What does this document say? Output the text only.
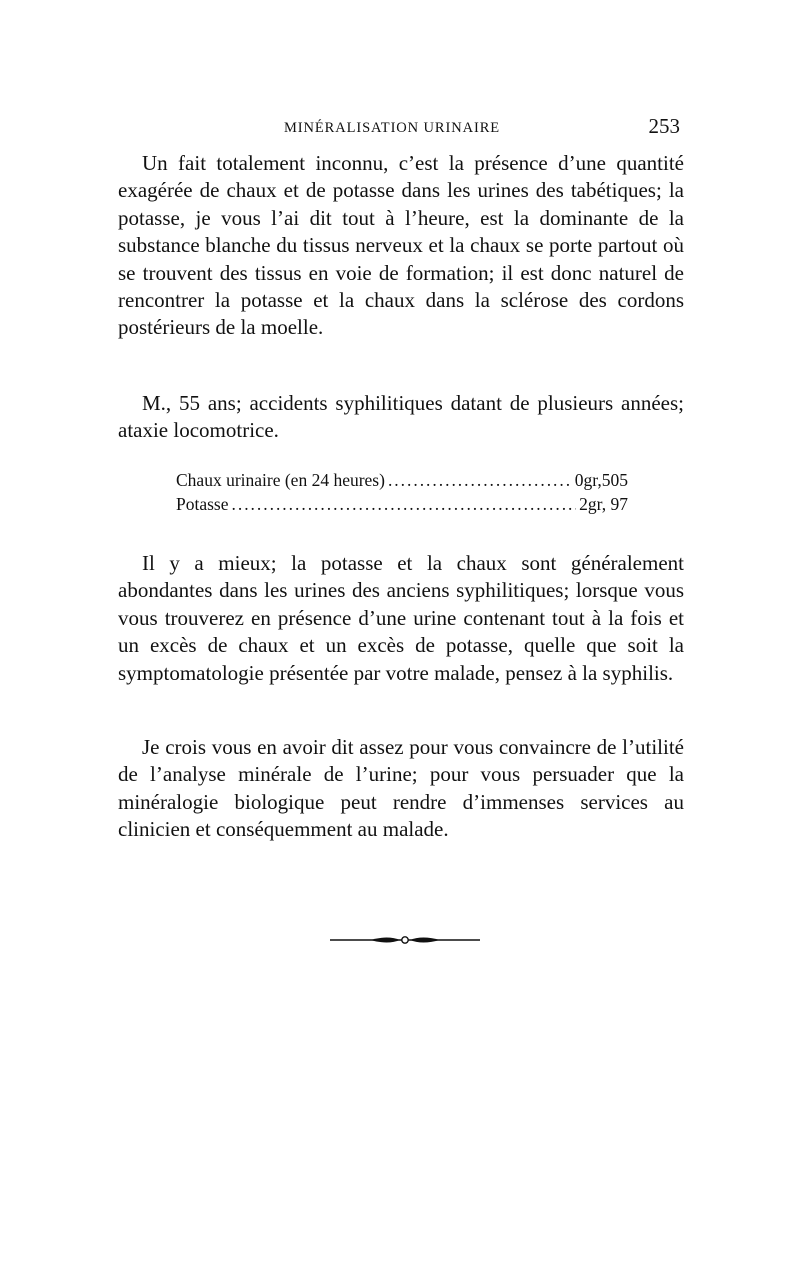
MINÉRALISATION URINAIRE	253

Un fait totalement inconnu, c’est la présence d’une quantité exagérée de chaux et de potasse dans les urines des tabétiques; la potasse, je vous l’ai dit tout à l’heure, est la dominante de la substance blanche du tissus nerveux et la chaux se porte partout où se trouvent des tissus en voie de formation; il est donc naturel de rencontrer la potasse et la chaux dans la sclérose des cordons postérieurs de la moelle.

M., 55 ans; accidents syphilitiques datant de plusieurs années; ataxie locomotrice.

Chaux urinaire (en 24 heures) . . .	0gr,505
Potasse . . .	2gr, 97

Il y a mieux; la potasse et la chaux sont généralement abondantes dans les urines des anciens syphilitiques; lorsque vous vous trouverez en présence d’une urine contenant tout à la fois et un excès de chaux et un excès de potasse, quelle que soit la symptomatologie présentée par votre malade, pensez à la syphilis.

Je crois vous en avoir dit assez pour vous convaincre de l’utilité de l’analyse minérale de l’urine; pour vous persuader que la minéralogie biologique peut rendre d’immenses services au clinicien et conséquemment au malade.
